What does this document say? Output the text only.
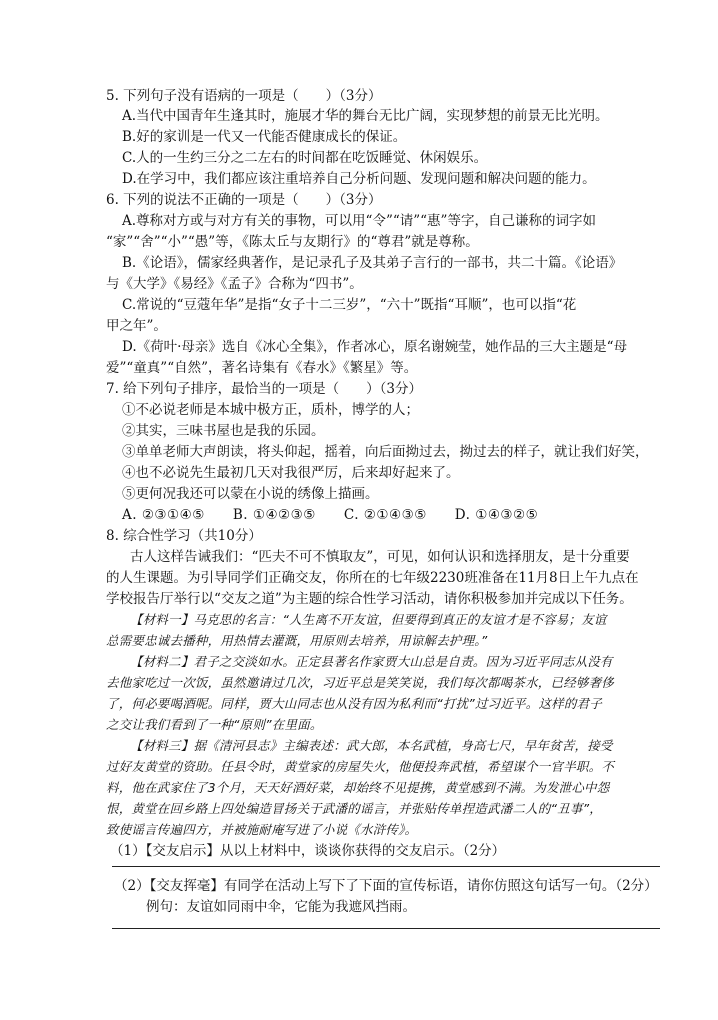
5. 下列句子没有语病的一项是（　　）（3分）
A.当代中国青年生逢其时，施展才华的舞台无比广阔，实现梦想的前景无比光明。
B.好的家训是一代又一代能否健康成长的保证。
C.人的一生约三分之二左右的时间都在吃饭睡觉、休闲娱乐。
D.在学习中，我们都应该注重培养自己分析问题、发现问题和解决问题的能力。
6. 下列的说法不正确的一项是（　　）（3分）
A.尊称对方或与对方有关的事物，可以用“令”“请”“惠”等字，自己谦称的词字如
“家”“舍”“小”“愚”等，《陈太丘与友期行》的“尊君”就是尊称。
B.《论语》，儒家经典著作，是记录孔子及其弟子言行的一部书，共二十篇。《论语》
与《大学》《易经》《孟子》合称为“四书”。
C.常说的“豆蔻年华”是指“女子十二三岁”，“六十”既指“耳顺”，也可以指“花
甲之年”。
D.《荷叶·母亲》选自《冰心全集》，作者冰心，原名谢婉莹，她作品的三大主题是“母
爱”“童真”“自然”，著名诗集有《春水》《繁星》等。
7. 给下列句子排序，最恰当的一项是（　　）（3分）
①不必说老师是本城中极方正，质朴，博学的人；
②其实，三味书屋也是我的乐园。
③单单老师大声朗读，将头仰起，摇着，向后面拗过去，拗过去的样子，就让我们好笑，
④也不必说先生最初几天对我很严厉，后来却好起来了。
⑤更何况我还可以蒙在小说的绣像上描画。
A. ②③①④⑤　　B. ①④②③⑤　　C. ②①④③⑤　　D. ①④③②⑤
8. 综合性学习（共10分）
古人这样告诫我们：“匹夫不可不慎取友”，可见，如何认识和选择朋友，是十分重要
的人生课题。为引导同学们正确交友，你所在的七年级2230班准备在11月8日上午九点在
学校报告厅举行以“交友之道”为主题的综合性学习活动，请你积极参加并完成以下任务。
【材料一】马克思的名言：“人生离不开友谊，但要得到真正的友谊才是不容易；友谊
总需要忠诚去播种，用热情去灌溉，用原则去培养，用谅解去护理。”
【材料二】君子之交淡如水。正定县著名作家贾大山总是自责。因为习近平同志从没有
去他家吃过一次饭，虽然邀请过几次，习近平总是笑笑说，我们每次都喝茶水，已经够奢侈
了，何必要喝酒呢。同样，贾大山同志也从没有因为私利而“打扰”过习近平。这样的君子
之交让我们看到了一种“原则”在里面。
【材料三】据《清河县志》主编表述：武大郎，本名武植，身高七尺，早年贫苦，接受
过好友黄堂的资助。任县令时，黄堂家的房屋失火，他便投奔武植，希望谋个一官半职。不
料，他在武家住了3个月，天天好酒好菜，却始终不见提携，黄堂感到不满。为发泄心中怨
恨，黄堂在回乡路上四处编造冒扬关于武潘的谣言，并张贴传单捏造武潘二人的“丑事”，
致使谣言传遍四方，并被施耐庵写进了小说《水浒传》。
（1）【交友启示】从以上材料中，谈谈你获得的交友启示。（2分）
（2）【交友挥毫】有同学在活动上写下了下面的宣传标语，请你仿照这句话写一句。（2分）
例句：友谊如同雨中伞，它能为我遮风挡雨。
